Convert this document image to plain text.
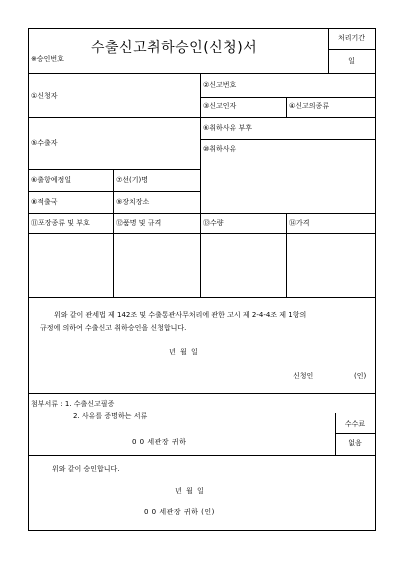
수출신고취하승인(신청)서
처리기간
일
※승인번호
①신청자
②신고번호
③신고인자	④신고의종류
⑤수출자
⑥취하사유 부후
⑩취하사유
⑥출항예정일	⑦선(기)명
⑧적출국	⑨장치장소
⑪포장종류 및 부호	⑫품명 및 규격	⑬수량	⑭가격
위와 같이 관세법 제 142조 및 수출통관사무처리에 관한 고시 제 2-4-4조 제 1항의
규정에 의하여 수출신고 취하승인을 신청합니다.
년 월 일
신청인	(인)
첨부서류 : 1. 수출신고필증
2. 사유를 증명하는 서류
수수료
없음
0 0 세관장 귀하
위와 같이 승인합니다.
년 월 일
0 0 세관장 귀하 (인)
